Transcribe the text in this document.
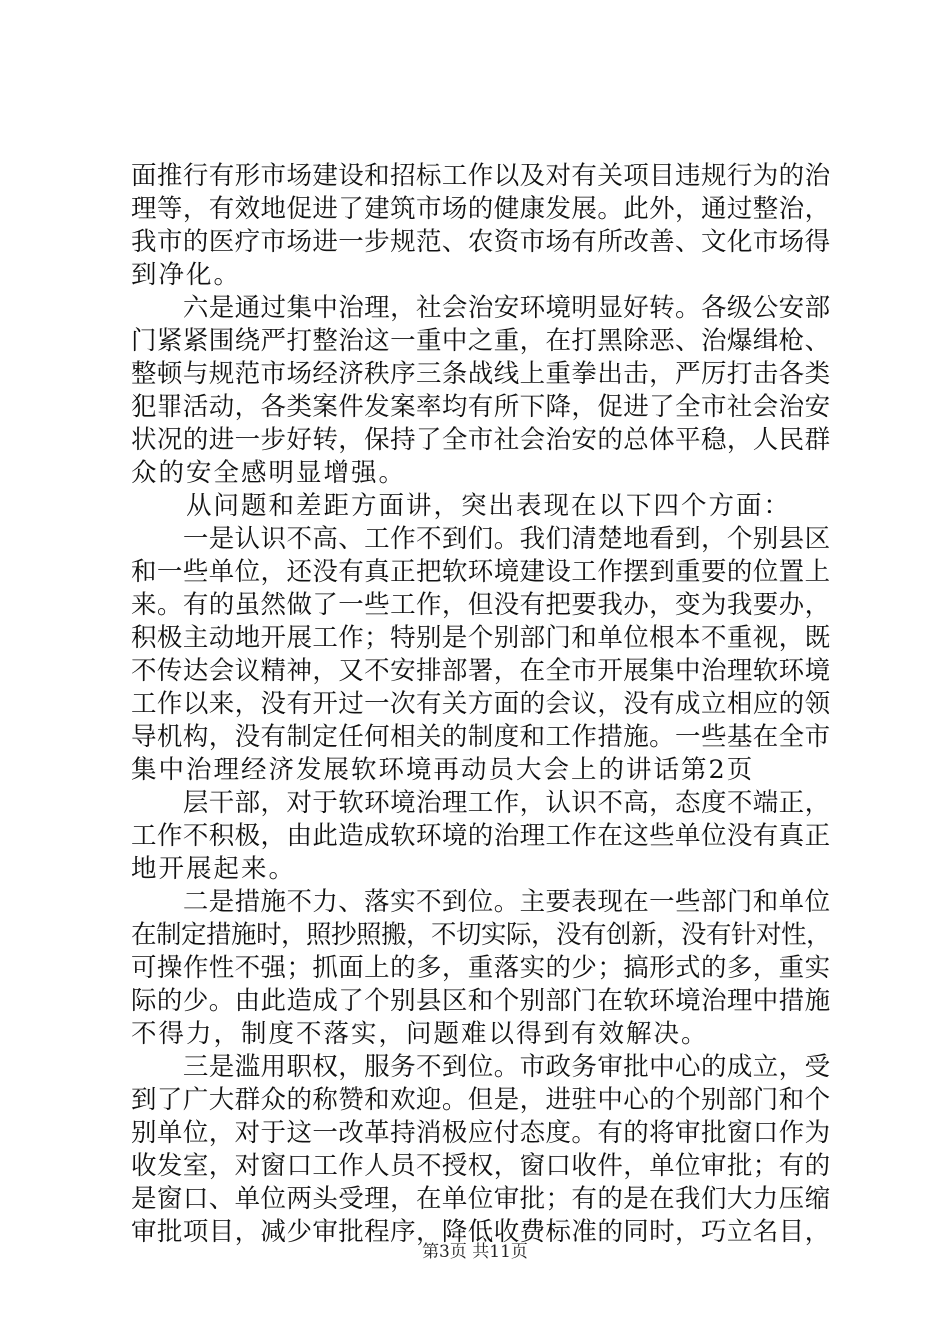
面推行有形市场建设和招标工作以及对有关项目违规行为的治
理等，有效地促进了建筑市场的健康发展。此外，通过整治，
我市的医疗市场进一步规范、农资市场有所改善、文化市场得
到净化。
　　六是通过集中治理，社会治安环境明显好转。各级公安部
门紧紧围绕严打整治这一重中之重，在打黑除恶、治爆缉枪、
整顿与规范市场经济秩序三条战线上重拳出击，严厉打击各类
犯罪活动，各类案件发案率均有所下降，促进了全市社会治安
状况的进一步好转，保持了全市社会治安的总体平稳，人民群
众的安全感明显增强。
　　从问题和差距方面讲，突出表现在以下四个方面：
　　一是认识不高、工作不到们。我们清楚地看到，个别县区
和一些单位，还没有真正把软环境建设工作摆到重要的位置上
来。有的虽然做了一些工作，但没有把要我办，变为我要办，
积极主动地开展工作；特别是个别部门和单位根本不重视，既
不传达会议精神，又不安排部署，在全市开展集中治理软环境
工作以来，没有开过一次有关方面的会议，没有成立相应的领
导机构，没有制定任何相关的制度和工作措施。一些基在全市
集中治理经济发展软环境再动员大会上的讲话第2页
　　层干部，对于软环境治理工作，认识不高，态度不端正，
工作不积极，由此造成软环境的治理工作在这些单位没有真正
地开展起来。
　　二是措施不力、落实不到位。主要表现在一些部门和单位
在制定措施时，照抄照搬，不切实际，没有创新，没有针对性，
可操作性不强；抓面上的多，重落实的少；搞形式的多，重实
际的少。由此造成了个别县区和个别部门在软环境治理中措施
不得力，制度不落实，问题难以得到有效解决。
　　三是滥用职权，服务不到位。市政务审批中心的成立，受
到了广大群众的称赞和欢迎。但是，进驻中心的个别部门和个
别单位，对于这一改革持消极应付态度。有的将审批窗口作为
收发室，对窗口工作人员不授权，窗口收件，单位审批；有的
是窗口、单位两头受理，在单位审批；有的是在我们大力压缩
审批项目，减少审批程序，降低收费标准的同时，巧立名目，
第3页 共11页
